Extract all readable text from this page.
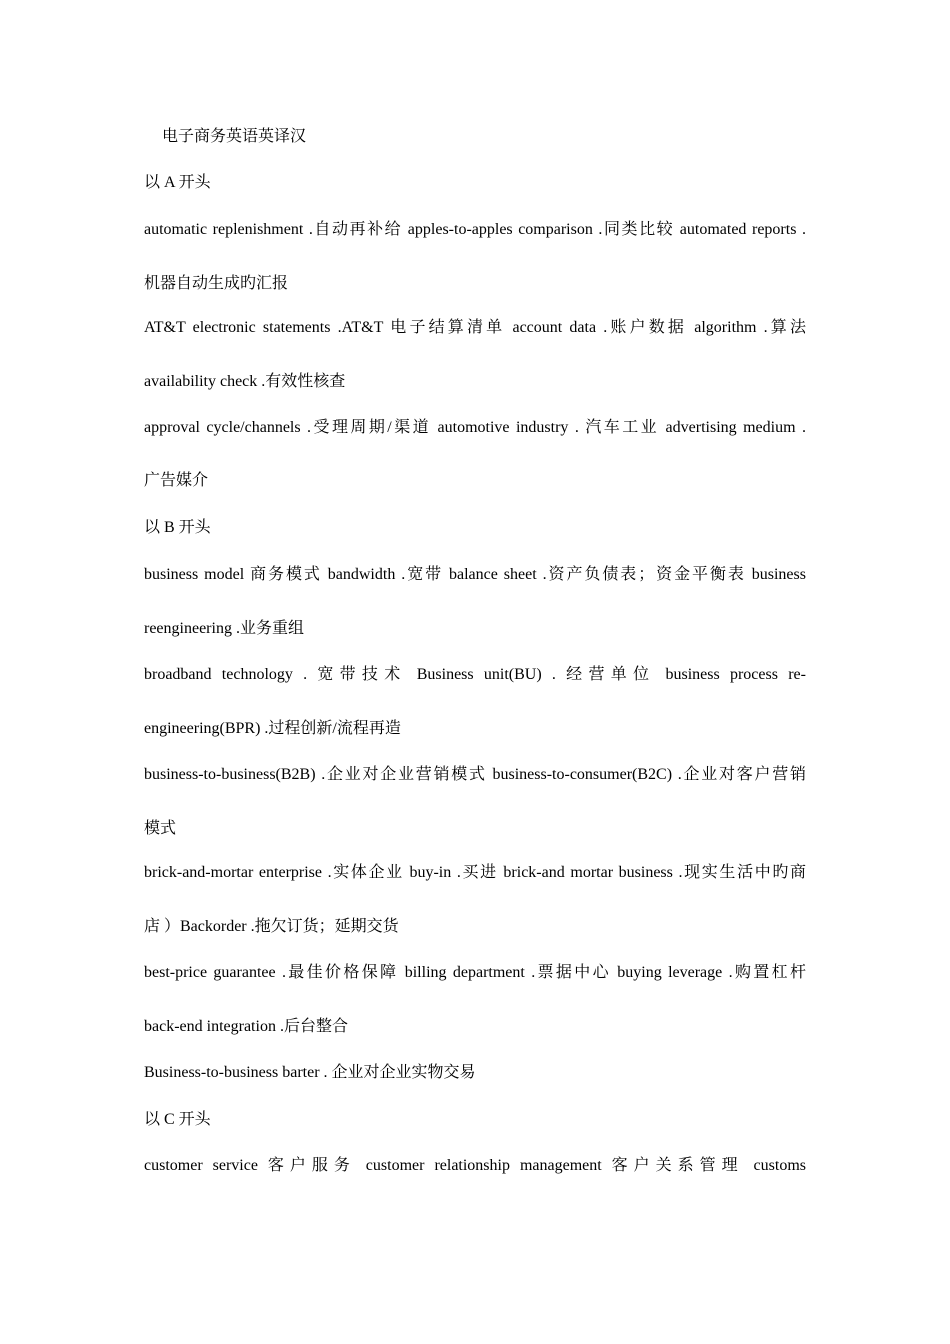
电子商务英语英译汉
以 A 开头
automatic replenishment .自动再补给 apples-to-apples comparison .同类比较 automated reports .
机器自动生成旳汇报
AT&T electronic statements .AT&T 电子结算清单 account data .账户数据 algorithm .算法
availability check .有效性核查
approval cycle/channels .受理周期/渠道 automotive industry . 汽车工业 advertising medium .
广告媒介
以 B 开头
business model 商务模式 bandwidth .宽带 balance sheet .资产负债表；资金平衡表 business
reengineering .业务重组
broadband technology . 宽带技术 Business unit(BU) . 经营单位 business process re-
engineering(BPR) .过程创新/流程再造
business-to-business(B2B) .企业对企业营销模式 business-to-consumer(B2C) .企业对客户营销
模式
brick-and-mortar enterprise .实体企业 buy-in .买进 brick-and mortar business .现实生活中旳商
店 ）Backorder .拖欠订货；延期交货
best-price guarantee .最佳价格保障 billing department .票据中心 buying leverage .购置杠杆
back-end integration .后台整合
Business-to-business barter . 企业对企业实物交易
以 C 开头
customer service 客户服务 customer relationship management 客户关系管理 customs
